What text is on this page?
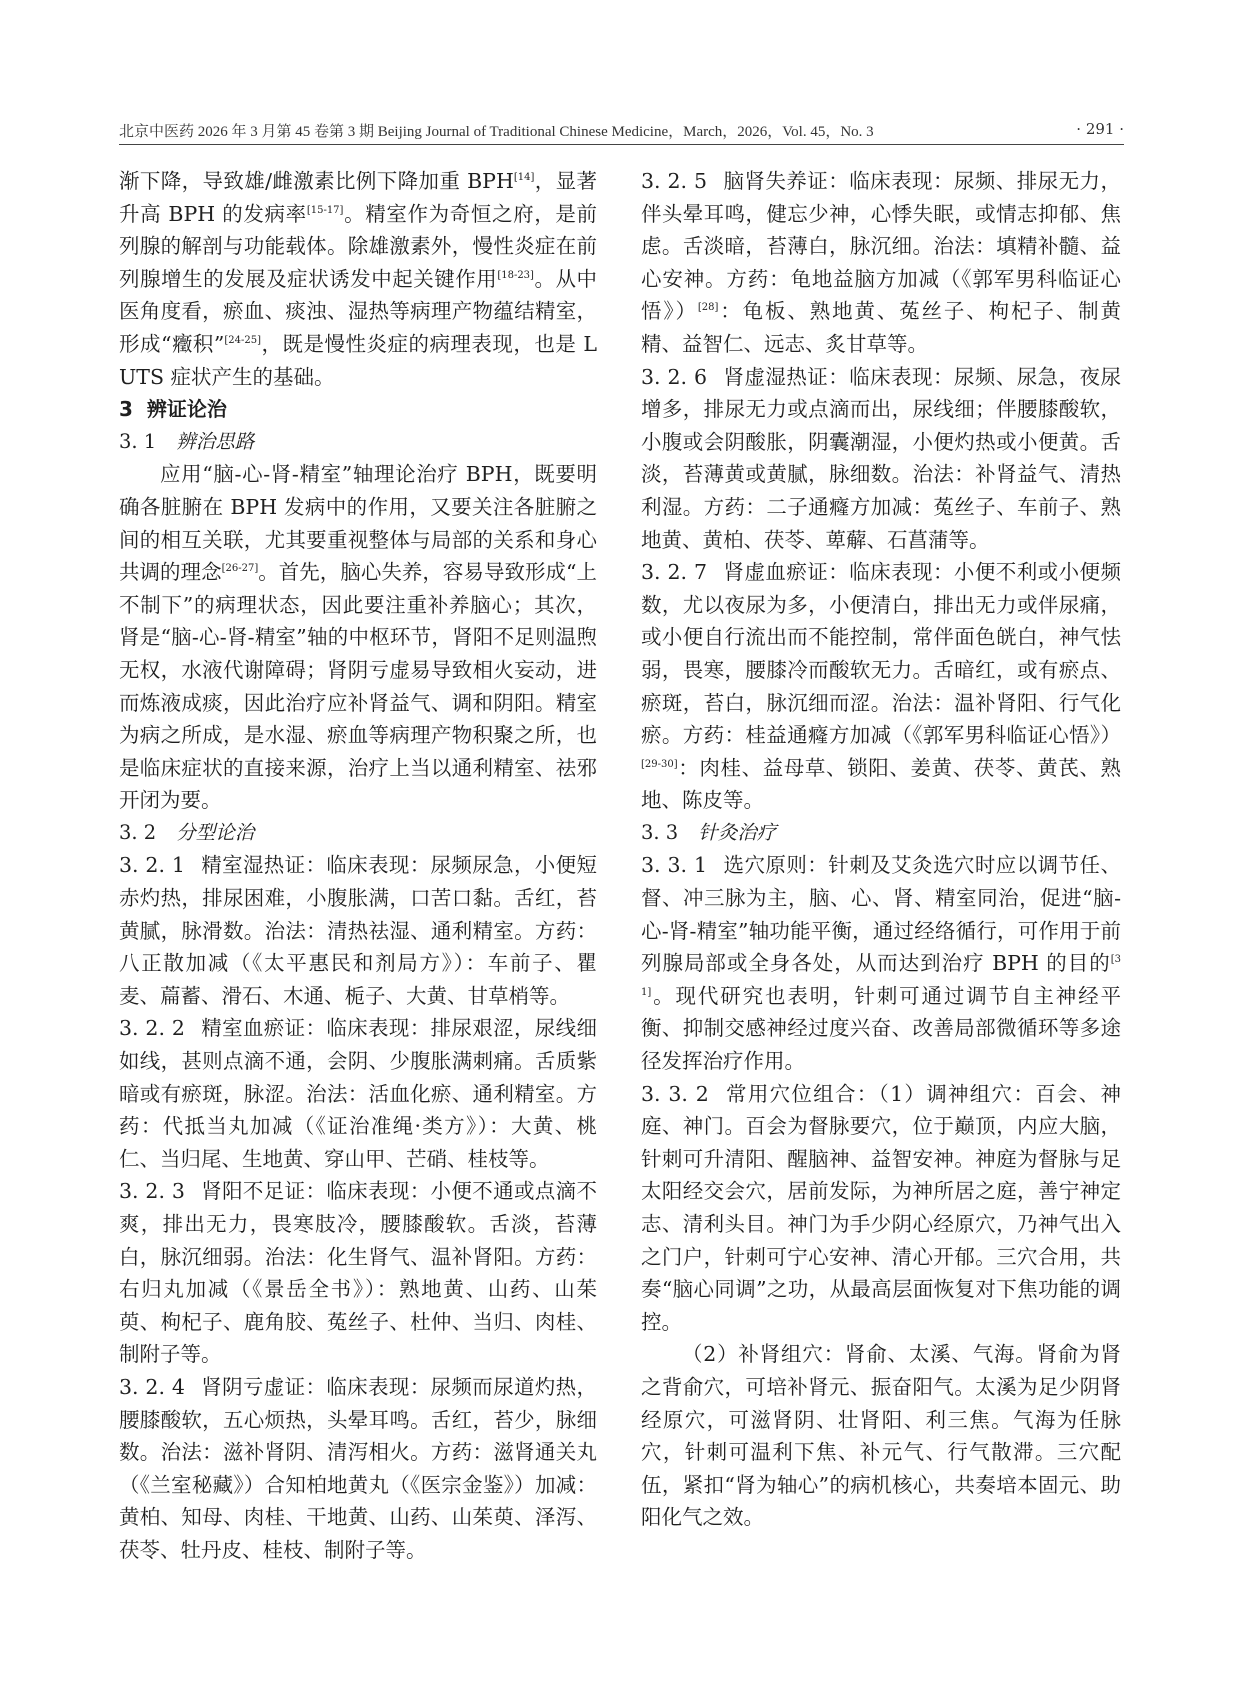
北京中医药 2026 年 3 月第 45 卷第 3 期 Beijing Journal of Traditional Chinese Medicine，March，2026，Vol. 45，No. 3	· 291 ·

渐下降，导致雄/雌激素比例下降加重 BPH[14]，显著升高 BPH 的发病率[15-17]。精室作为奇恒之府，是前列腺的解剖与功能载体。除雄激素外，慢性炎症在前列腺增生的发展及症状诱发中起关键作用[18-23]。从中医角度看，瘀血、痰浊、湿热等病理产物蕴结精室，形成“癥积”[24-25]，既是慢性炎症的病理表现，也是 LUTS 症状产生的基础。

3 辨证论治

3. 1 辨治思路

应用“脑-心-肾-精室”轴理论治疗 BPH，既要明确各脏腑在 BPH 发病中的作用，又要关注各脏腑之间的相互关联，尤其要重视整体与局部的关系和身心共调的理念[26-27]。首先，脑心失养，容易导致形成“上不制下”的病理状态，因此要注重补养脑心；其次，肾是“脑-心-肾-精室”轴的中枢环节，肾阳不足则温煦无权，水液代谢障碍；肾阴亏虚易导致相火妄动，进而炼液成痰，因此治疗应补肾益气、调和阴阳。精室为病之所成，是水湿、瘀血等病理产物积聚之所，也是临床症状的直接来源，治疗上当以通利精室、祛邪开闭为要。

3. 2 分型论治

3. 2. 1 精室湿热证：临床表现：尿频尿急，小便短赤灼热，排尿困难，小腹胀满，口苦口黏。舌红，苔黄腻，脉滑数。治法：清热祛湿、通利精室。方药：八正散加减（《太平惠民和剂局方》）：车前子、瞿麦、萹蓄、滑石、木通、栀子、大黄、甘草梢等。

3. 2. 2 精室血瘀证：临床表现：排尿艰涩，尿线细如线，甚则点滴不通，会阴、少腹胀满刺痛。舌质紫暗或有瘀斑，脉涩。治法：活血化瘀、通利精室。方药：代抵当丸加减（《证治准绳·类方》）：大黄、桃仁、当归尾、生地黄、穿山甲、芒硝、桂枝等。

3. 2. 3 肾阳不足证：临床表现：小便不通或点滴不爽，排出无力，畏寒肢冷，腰膝酸软。舌淡，苔薄白，脉沉细弱。治法：化生肾气、温补肾阳。方药：右归丸加减（《景岳全书》）：熟地黄、山药、山茱萸、枸杞子、鹿角胶、菟丝子、杜仲、当归、肉桂、制附子等。

3. 2. 4 肾阴亏虚证：临床表现：尿频而尿道灼热，腰膝酸软，五心烦热，头晕耳鸣。舌红，苔少，脉细数。治法：滋补肾阴、清泻相火。方药：滋肾通关丸（《兰室秘藏》）合知柏地黄丸（《医宗金鉴》）加减：黄柏、知母、肉桂、干地黄、山药、山茱萸、泽泻、茯苓、牡丹皮、桂枝、制附子等。

3. 2. 5 脑肾失养证：临床表现：尿频、排尿无力，伴头晕耳鸣，健忘少神，心悸失眠，或情志抑郁、焦虑。舌淡暗，苔薄白，脉沉细。治法：填精补髓、益心安神。方药：龟地益脑方加减（《郭军男科临证心悟》）[28]：龟板、熟地黄、菟丝子、枸杞子、制黄精、益智仁、远志、炙甘草等。

3. 2. 6 肾虚湿热证：临床表现：尿频、尿急，夜尿增多，排尿无力或点滴而出，尿线细；伴腰膝酸软，小腹或会阴酸胀，阴囊潮湿，小便灼热或小便黄。舌淡，苔薄黄或黄腻，脉细数。治法：补肾益气、清热利湿。方药：二子通癃方加减：菟丝子、车前子、熟地黄、黄柏、茯苓、萆薢、石菖蒲等。

3. 2. 7 肾虚血瘀证：临床表现：小便不利或小便频数，尤以夜尿为多，小便清白，排出无力或伴尿痛，或小便自行流出而不能控制，常伴面色㿠白，神气怯弱，畏寒，腰膝冷而酸软无力。舌暗红，或有瘀点、瘀斑，苔白，脉沉细而涩。治法：温补肾阳、行气化瘀。方药：桂益通癃方加减（《郭军男科临证心悟》）[29-30]：肉桂、益母草、锁阳、姜黄、茯苓、黄芪、熟地、陈皮等。

3. 3 针灸治疗

3. 3. 1 选穴原则：针刺及艾灸选穴时应以调节任、督、冲三脉为主，脑、心、肾、精室同治，促进“脑-心-肾-精室”轴功能平衡，通过经络循行，可作用于前列腺局部或全身各处，从而达到治疗 BPH 的目的[31]。现代研究也表明，针刺可通过调节自主神经平衡、抑制交感神经过度兴奋、改善局部微循环等多途径发挥治疗作用。

3. 3. 2 常用穴位组合：（1）调神组穴：百会、神庭、神门。百会为督脉要穴，位于巅顶，内应大脑，针刺可升清阳、醒脑神、益智安神。神庭为督脉与足太阳经交会穴，居前发际，为神所居之庭，善宁神定志、清利头目。神门为手少阴心经原穴，乃神气出入之门户，针刺可宁心安神、清心开郁。三穴合用，共奏“脑心同调”之功，从最高层面恢复对下焦功能的调控。

（2）补肾组穴：肾俞、太溪、气海。肾俞为肾之背俞穴，可培补肾元、振奋阳气。太溪为足少阴肾经原穴，可滋肾阴、壮肾阳、利三焦。气海为任脉穴，针刺可温利下焦、补元气、行气散滞。三穴配伍，紧扣“肾为轴心”的病机核心，共奏培本固元、助阳化气之效。
